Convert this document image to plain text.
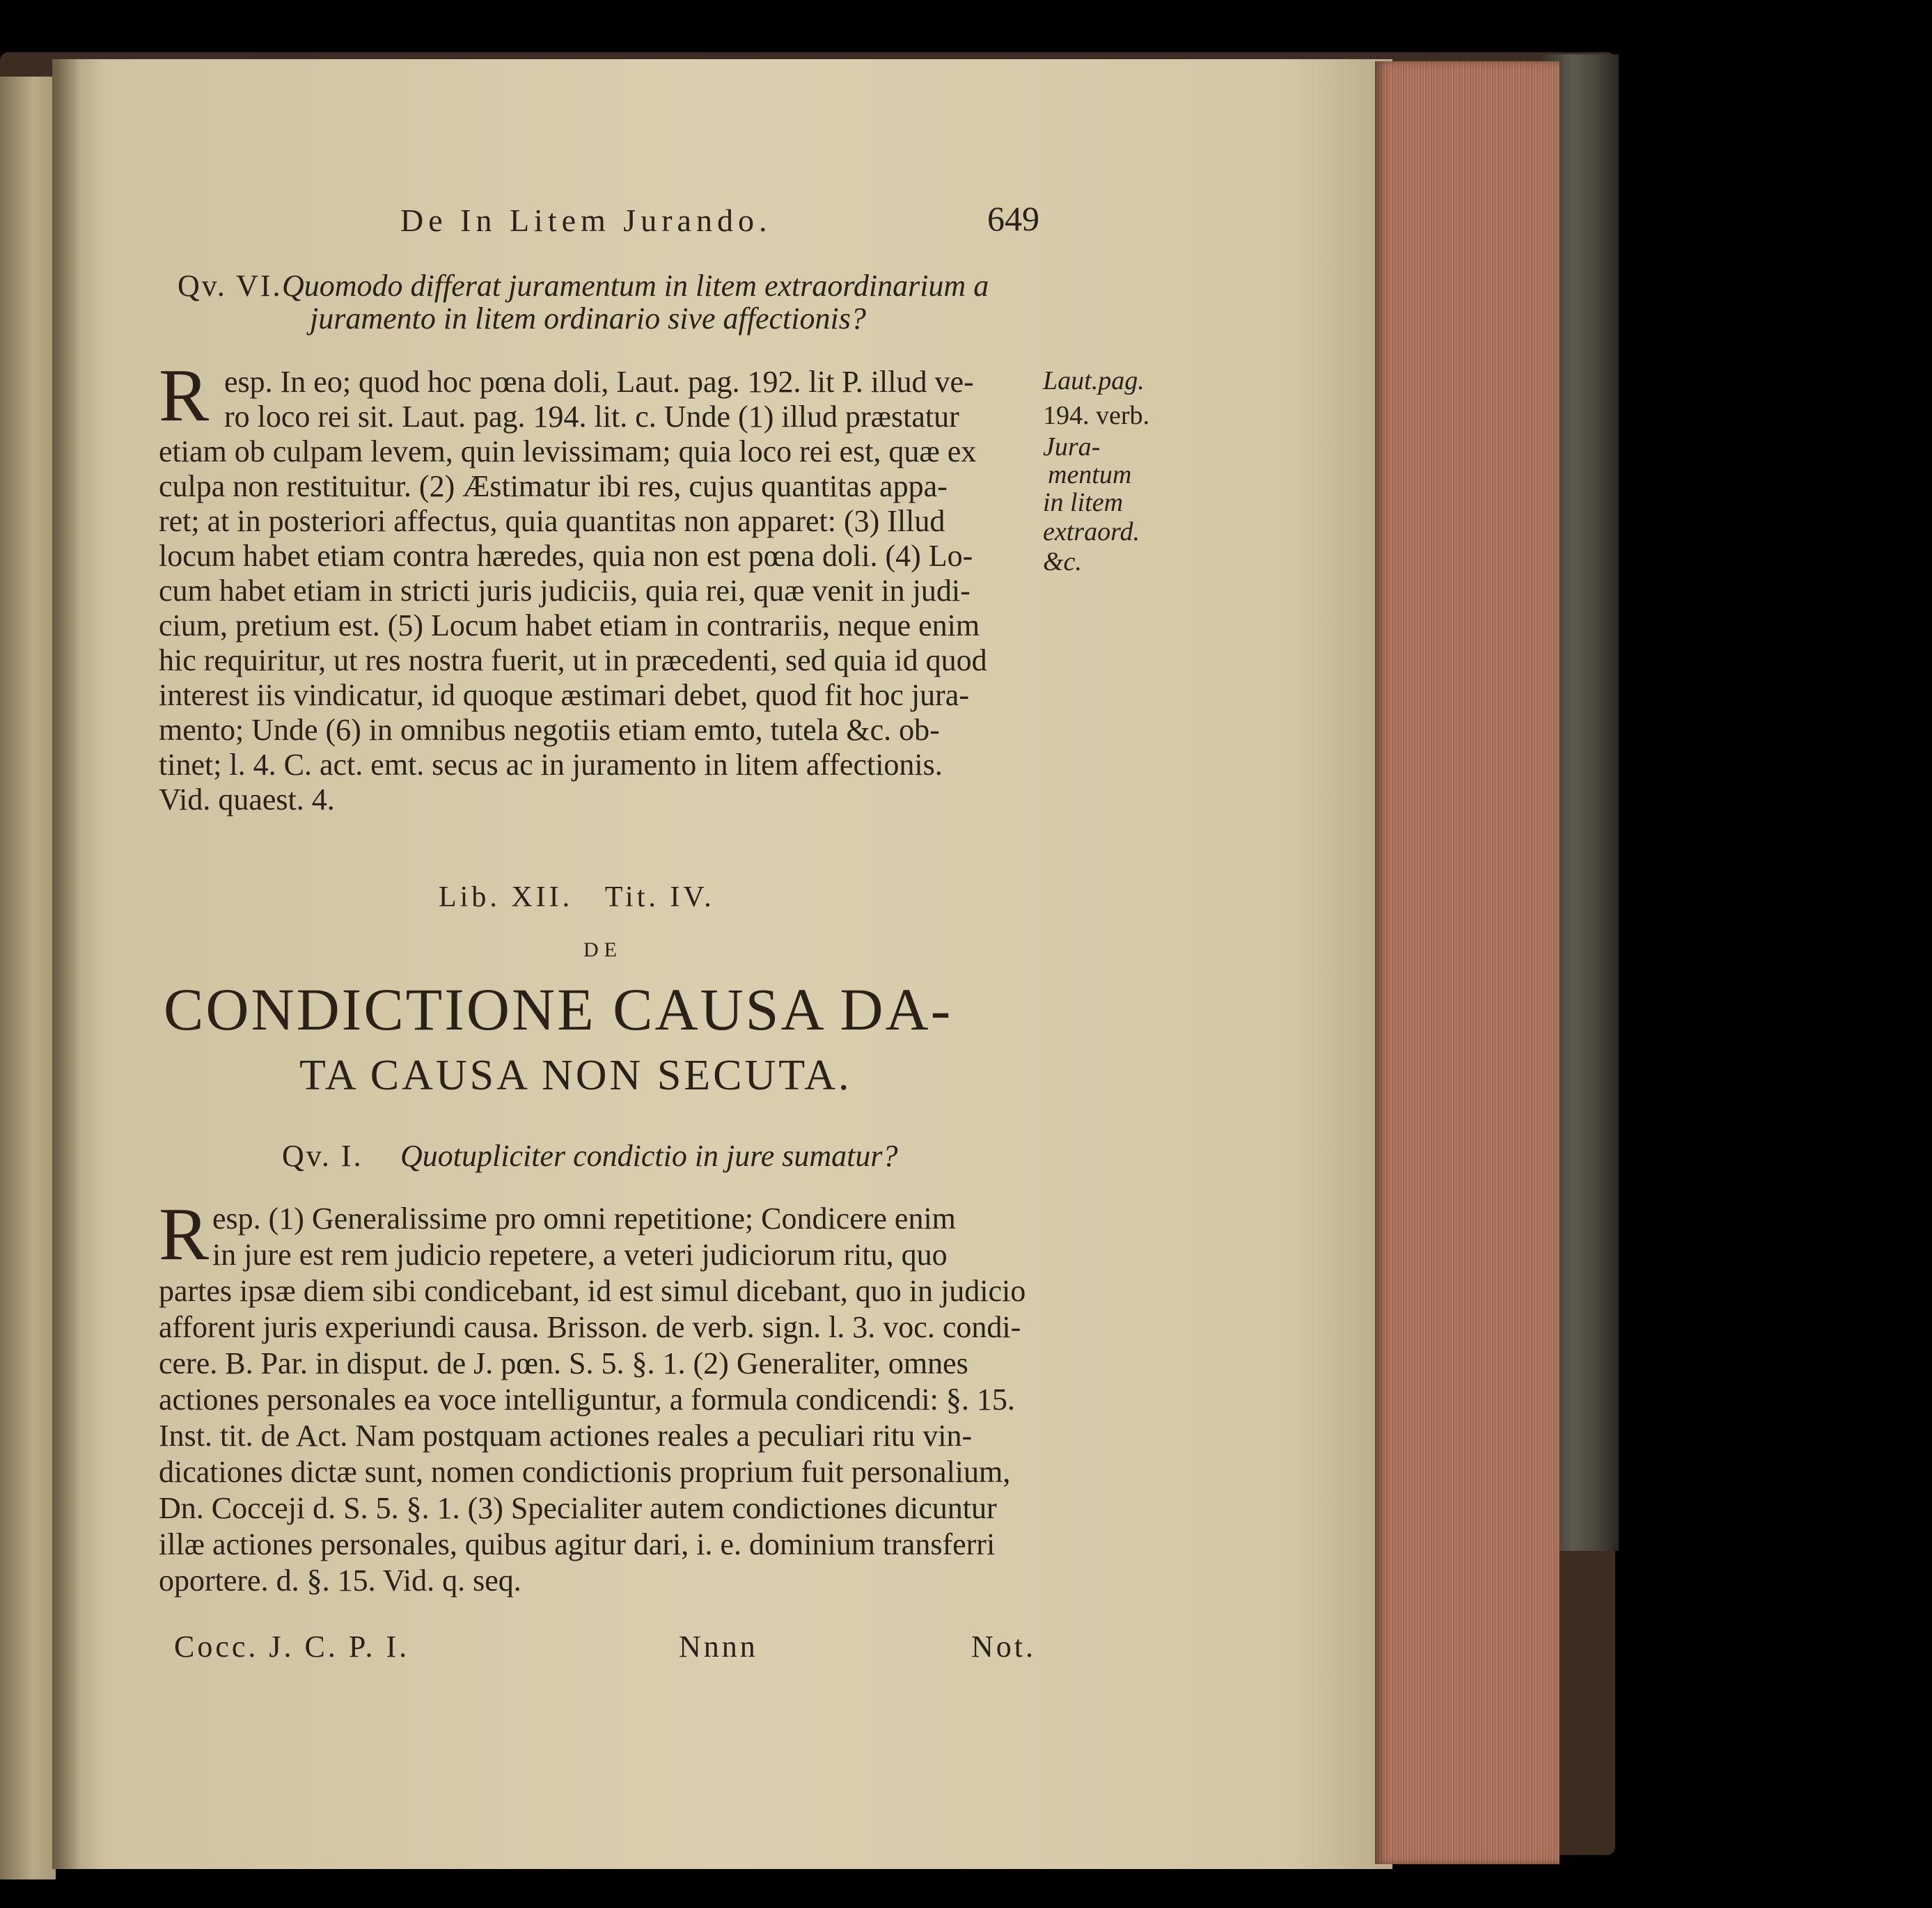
De In Litem Jurando.	649
Qv. VI. Quomodo differat juramentum in litem extraordinarium a
juramento in litem ordinario sive affectionis?
R esp. In eo; quod hoc pœna doli, Laut. pag. 192. lit P. illud ve-
ro loco rei sit. Laut. pag. 194. lit. c. Unde (1) illud præstatur
etiam ob culpam levem, quin levissimam; quia loco rei est, quæ ex
culpa non restituitur. (2) Æstimatur ibi res, cujus quantitas appa-
ret; at in posteriori affectus, quia quantitas non apparet: (3) Illud
locum habet etiam contra hæredes, quia non est pœna doli. (4) Lo-
cum habet etiam in stricti juris judiciis, quia rei, quæ venit in judi-
cium, pretium est. (5) Locum habet etiam in contrariis, neque enim
hic requiritur, ut res nostra fuerit, ut in præcedenti, sed quia id quod
interest iis vindicatur, id quoque æstimari debet, quod fit hoc jura-
mento; Unde (6) in omnibus negotiis etiam emto, tutela &c. ob-
tinet; l. 4. C. act. emt. secus ac in juramento in litem affectionis.
Vid. quaest. 4.
Laut.pag.
194. verb.
Jura-
mentum
in litem
extraord.
&c.
Lib. XII.   Tit. IV.
DE
CONDICTIONE CAUSA DA-
TA CAUSA NON SECUTA.
Qv. I. Quotupliciter condictio in jure sumatur?
R esp. (1) Generalissime pro omni repetitione; Condicere enim
in jure est rem judicio repetere, a veteri judiciorum ritu, quo
partes ipsæ diem sibi condicebant, id est simul dicebant, quo in judicio
afforent juris experiundi causa. Brisson. de verb. sign. l. 3. voc. condi-
cere. B. Par. in disput. de J. pœn. S. 5. §. 1. (2) Generaliter, omnes
actiones personales ea voce intelliguntur, a formula condicendi: §. 15.
Inst. tit. de Act. Nam postquam actiones reales a peculiari ritu vin-
dicationes dictæ sunt, nomen condictionis proprium fuit personalium,
Dn. Cocceji d. S. 5. §. 1. (3) Specialiter autem condictiones dicuntur
illæ actiones personales, quibus agitur dari, i. e. dominium transferri
oportere. d. §. 15. Vid. q. seq.
Cocc. J. C. P. I.	Nnnn	Not.
